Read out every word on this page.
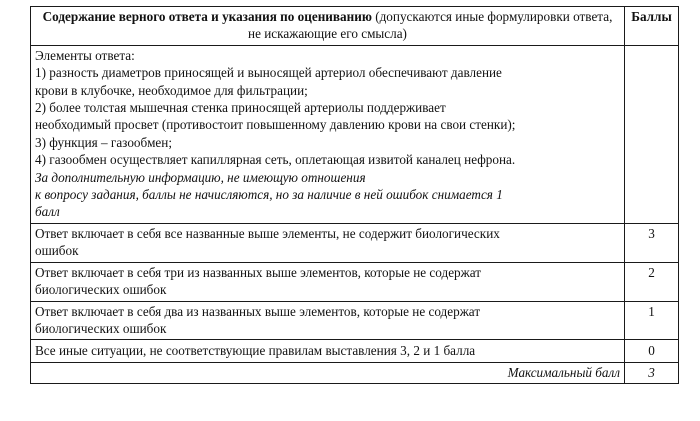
Содержание верного ответа и указания по оцениванию (допускаются иные формулировки ответа, не искажающие его смысла)	Баллы

Элементы ответа:
1) разность диаметров приносящей и выносящей артериол обеспечивают давление
крови в клубочке, необходимое для фильтрации;
2) более толстая мышечная стенка приносящей артериолы поддерживает
необходимый просвет (противостоит повышенному давлению крови на свои стенки);
3) функция – газообмен;
4) газообмен осуществляет капиллярная сеть, оплетающая извитой каналец нефрона.
За дополнительную информацию, не имеющую отношения
к вопросу задания, баллы не начисляются, но за наличие в ней ошибок снимается 1
балл

Ответ включает в себя все названные выше элементы, не содержит биологических
ошибок	3

Ответ включает в себя три из названных выше элементов, которые не содержат
биологических ошибок	2

Ответ включает в себя два из названных выше элементов, которые не содержат
биологических ошибок	1

Все иные ситуации, не соответствующие правилам выставления 3, 2 и 1 балла	0
Максимальный балл	3
